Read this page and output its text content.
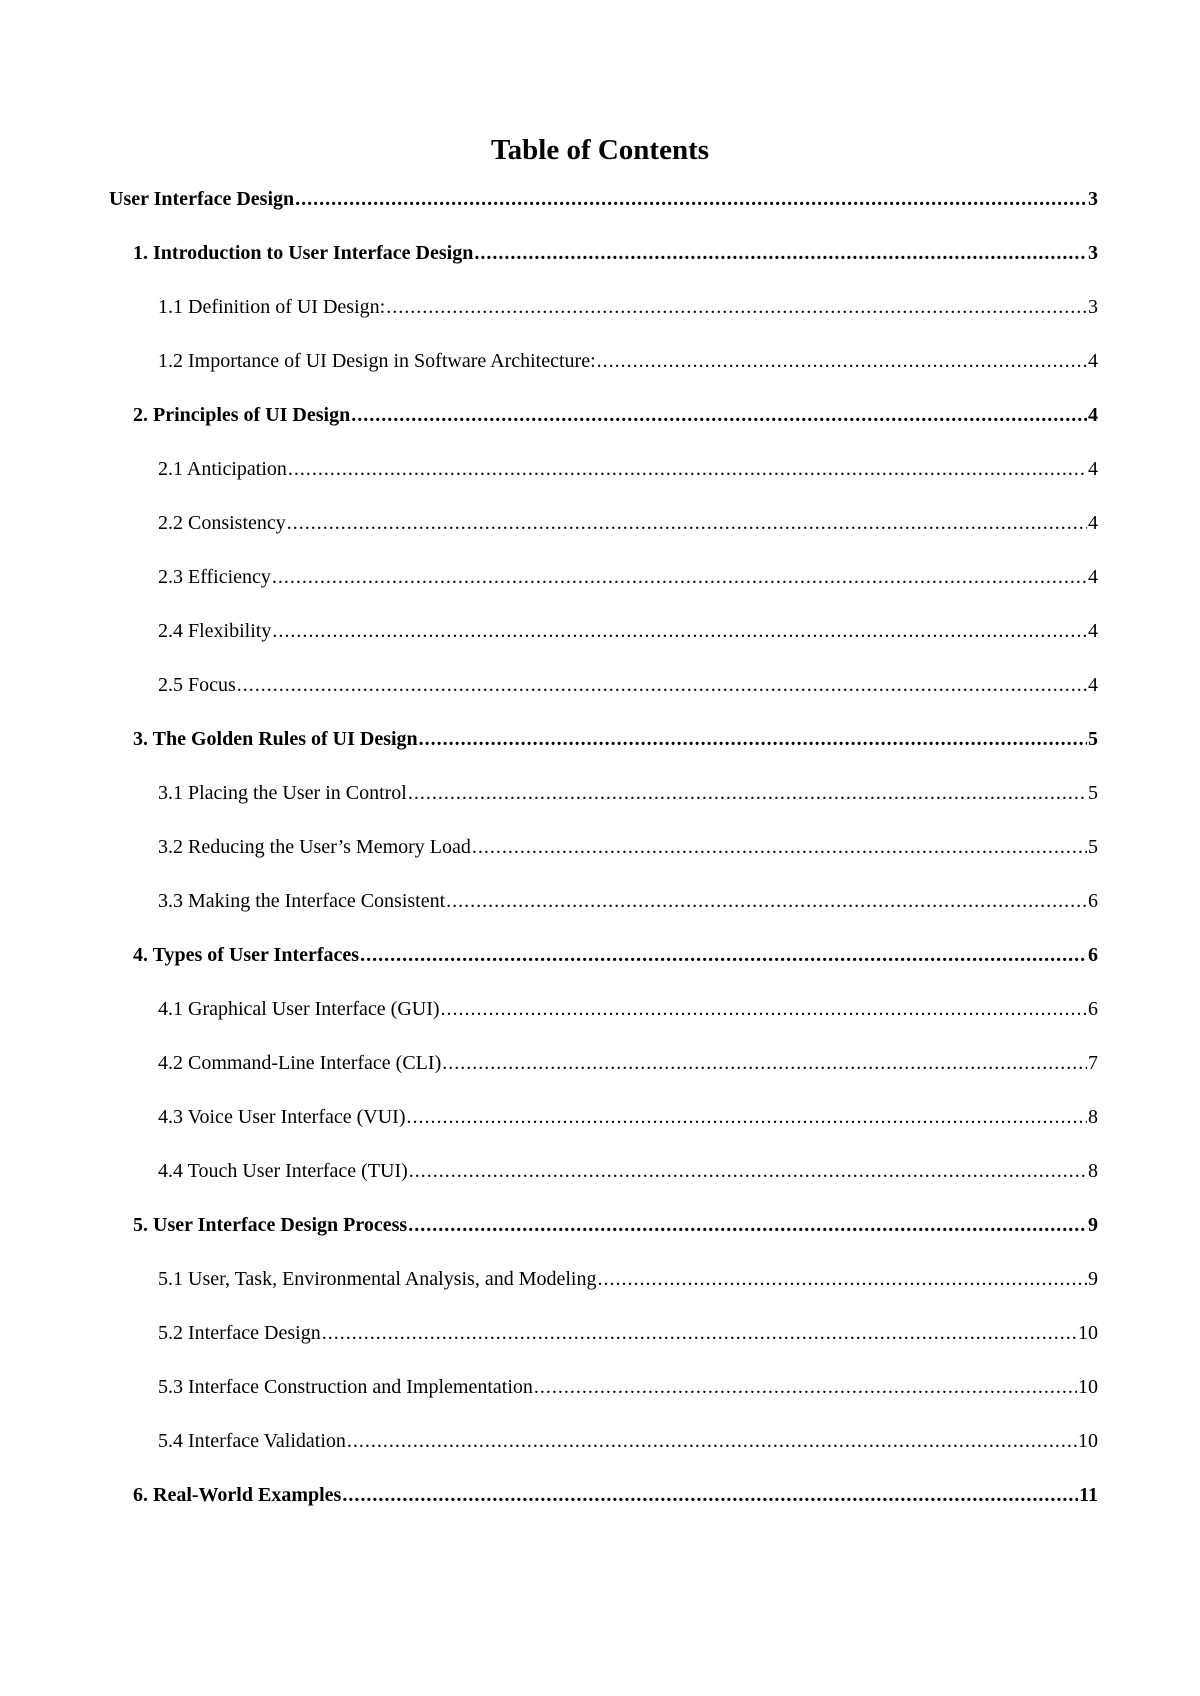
Table of Contents
User Interface Design .....	3
1. Introduction to User Interface Design .....	3
1.1 Definition of UI Design: .....	3
1.2 Importance of UI Design in Software Architecture: .....	4
2. Principles of UI Design .....	4
2.1 Anticipation .....	4
2.2 Consistency .....	4
2.3 Efficiency .....	4
2.4 Flexibility .....	4
2.5 Focus .....	4
3. The Golden Rules of UI Design .....	5
3.1 Placing the User in Control .....	5
3.2 Reducing the User’s Memory Load .....	5
3.3 Making the Interface Consistent .....	6
4. Types of User Interfaces .....	6
4.1 Graphical User Interface (GUI) .....	6
4.2 Command-Line Interface (CLI) .....	7
4.3 Voice User Interface (VUI) .....	8
4.4 Touch User Interface (TUI) .....	8
5. User Interface Design Process .....	9
5.1 User, Task, Environmental Analysis, and Modeling .....	9
5.2 Interface Design .....	10
5.3 Interface Construction and Implementation .....	10
5.4 Interface Validation .....	10
6. Real-World Examples .....	11
